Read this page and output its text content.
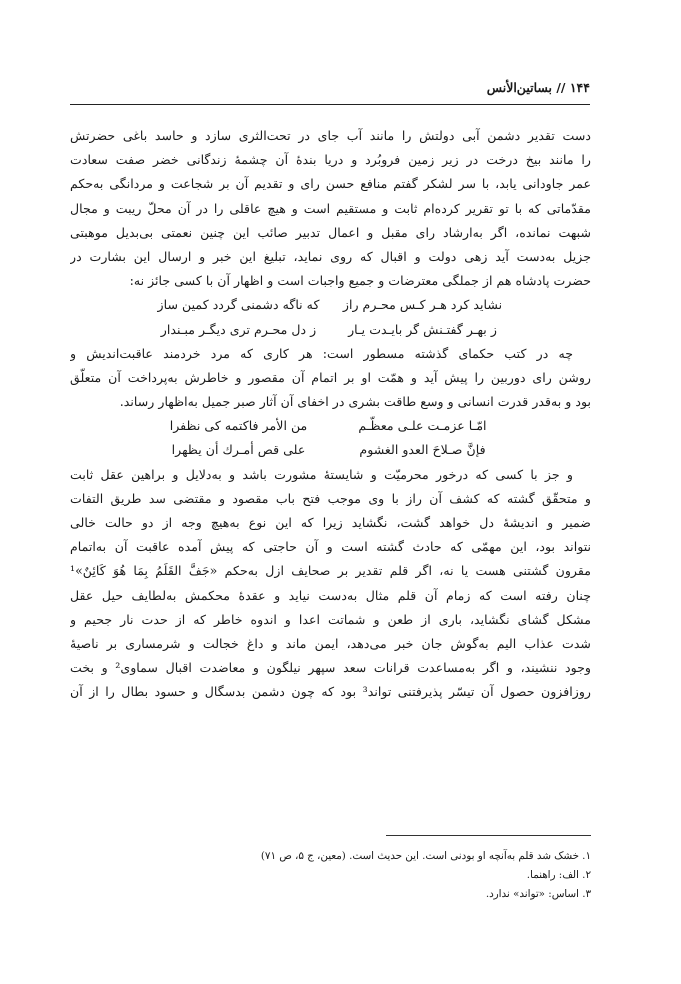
۱۴۴ // بساتین‌الأنس
دست تقدیر دشمن آبی دولتش را مانند آب جای در تحت‌الثری سازد و حاسد باغی حضرتش
را مانند بیخ درخت در زیر زمین فروبُرد و دریا بندهٔ آن چشمهٔ زندگانی خضر صفت سعادت
عمر جاودانی یابد، با سر لشکر گفتم منافع حسن رای و تقدیم آن بر شجاعت و مردانگی به‌حکم
مقدّماتی که با تو تقریر کرده‌ام ثابت و مستقیم است و هیچ عاقلی را در آن محلّ ریبت و مجال
شبهت نمانده، اگر به‌ارشاد رای مقبل و اعمال تدبیر صائب این چنین نعمتی بی‌بدیل موهبتی
جزیل به‌دست آید زهی دولت و اقبال که روی نماید، تبلیغ این خبر و ارسال این بشارت در
حضرت پادشاه هم از جملگی معترضات و جمیع واجبات است و اظهار آن با کسی جائز نه:
نشاید کرد هـر کـس محـرم راز
که ناگه دشمنی گردد کمین ساز
ز بهـر گفتـنش گر بایـدت یـار
ز دل محـرم تری دیگـر مبـندار
چه در کتب حکمای گذشته مسطور است: هر کاری که مرد خردمند عاقبت‌اندیش و
روشن رای دوربین را پیش آید و همّت او بر اتمام آن مقصور و خاطرش به‌پرداخت آن متعلّق
بود و به‌قدر قدرت انسانی و وسع طاقت بشری در اخفای آن آثار صبر جمیل به‌اظهار رساند.
امّـا عزمـت علـی معظّـم
من الأمر فاکتمه کی نظفرا
فإنَّ صـلاحَ العدو الغشوم
علی قص أمـرك أن یظهرا
و جز با کسی که درخور محرمیّت و شایستهٔ مشورت باشد و به‌دلایل و براهین عقل ثابت
و متحقّق گشته که کشف آن راز با وی موجب فتح باب مقصود و مقتضی سد طریق التفات
ضمیر و اندیشهٔ دل خواهد گشت، نگشاید زیرا که این نوع به‌هیچ وجه از دو حالت خالی
نتواند بود، این مهمّی که حادث گشته است و آن حاجتی که پیش آمده عاقبت آن به‌اتمام
مقرون گشتنی هست یا نه، اگر قلم تقدیر بر صحایف ازل به‌حکم «جَفَّ القَلَمُ بِمَا هُوَ کَائِنٌ»¹
چنان رفته است که زمام آن قلم مثال به‌دست نیاید و عقدهٔ محکمش به‌لطایف حیل عقل
مشکل گشای نگشاید، باری از طعن و شماتت اعدا و اندوه خاطر که از حدت نار جحیم و
شدت عذاب الیم به‌گوش جان خبر می‌دهد، ایمن ماند و داغ خجالت و شرمساری بر ناصیهٔ
وجود ننشیند، و اگر به‌مساعدت قرانات سعد سپهر نیلگون و معاضدت اقبال سماوی² و بخت
روزافزون حصول آن تیسّر پذیرفتنی تواند³ بود که چون دشمن بدسگال و حسود بطال را از آن
۱. خشک شد قلم به‌آنچه او بودنی است. این حدیث است. (معین، ج ۵، ص ۷۱)
۲. الف: راهنما.
۳. اساس: «تواند» ندارد.
